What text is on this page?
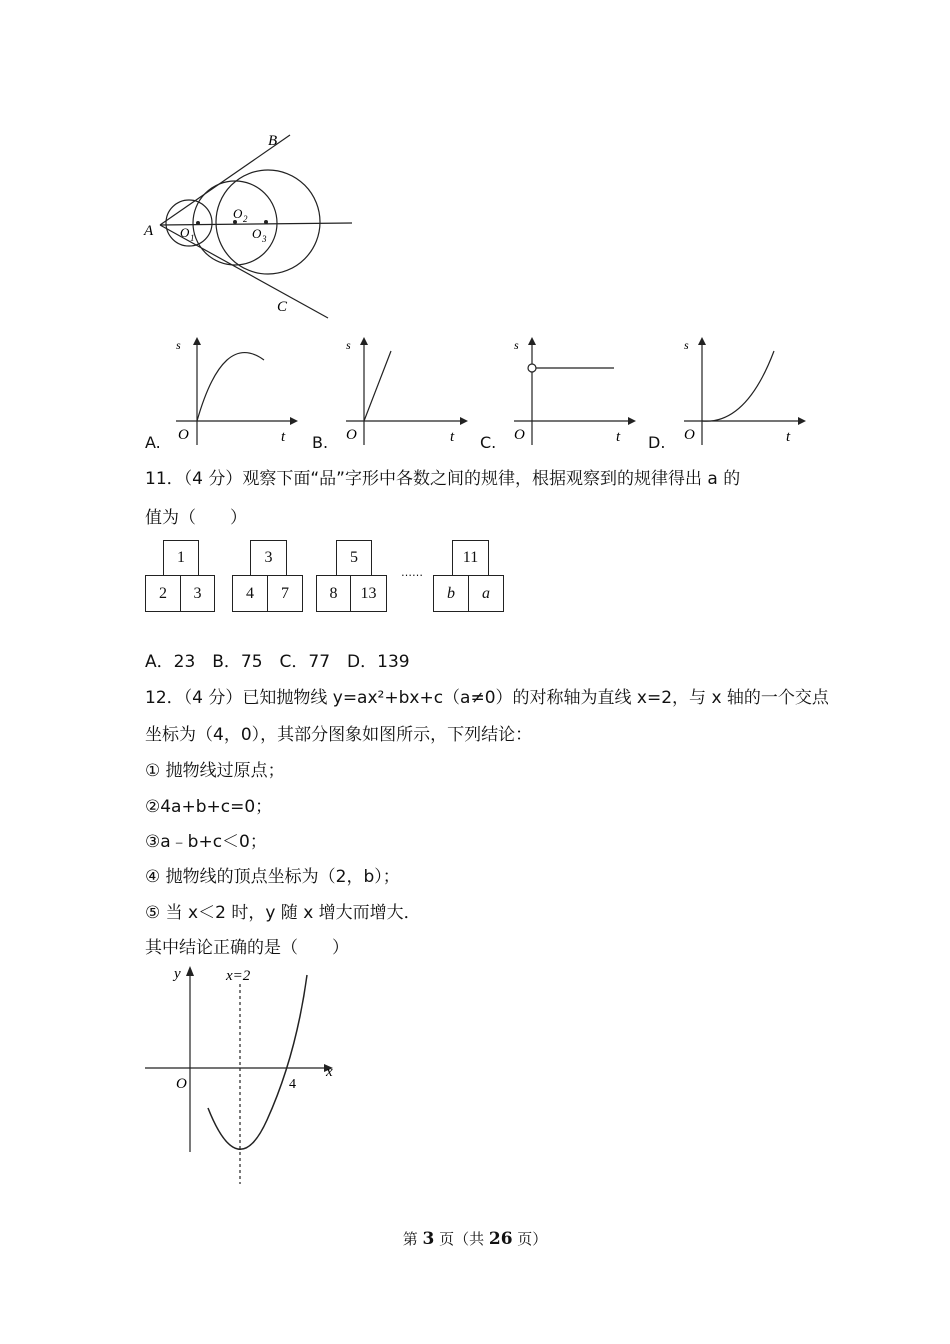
A
B
C
O 1
O 2
O 3
A.
s
O	t B.
s
O	t C.
s
O	t D.
s
O	t
11．（4 分）观察下面“品”字形中各数之间的规律，根据观察到的规律得出 a 的
值为（　　）
1
2	3
3
4	7
5
8	13
……
11
b	a
A．23　B．75　C．77　D．139
12．（4 分）已知抛物线 y=ax²+bx+c（a≠0）的对称轴为直线 x=2，与 x 轴的一个交点
坐标为（4，0），其部分图象如图所示，下列结论：
① 抛物线过原点；
②4a+b+c=0；
③a﹣b+c＜0；
④ 抛物线的顶点坐标为（2，b）；
⑤ 当 x＜2 时，y 随 x 增大而增大．
其中结论正确的是（　　）
y	x=2
x
O	4
第 3 页（共 26 页）
